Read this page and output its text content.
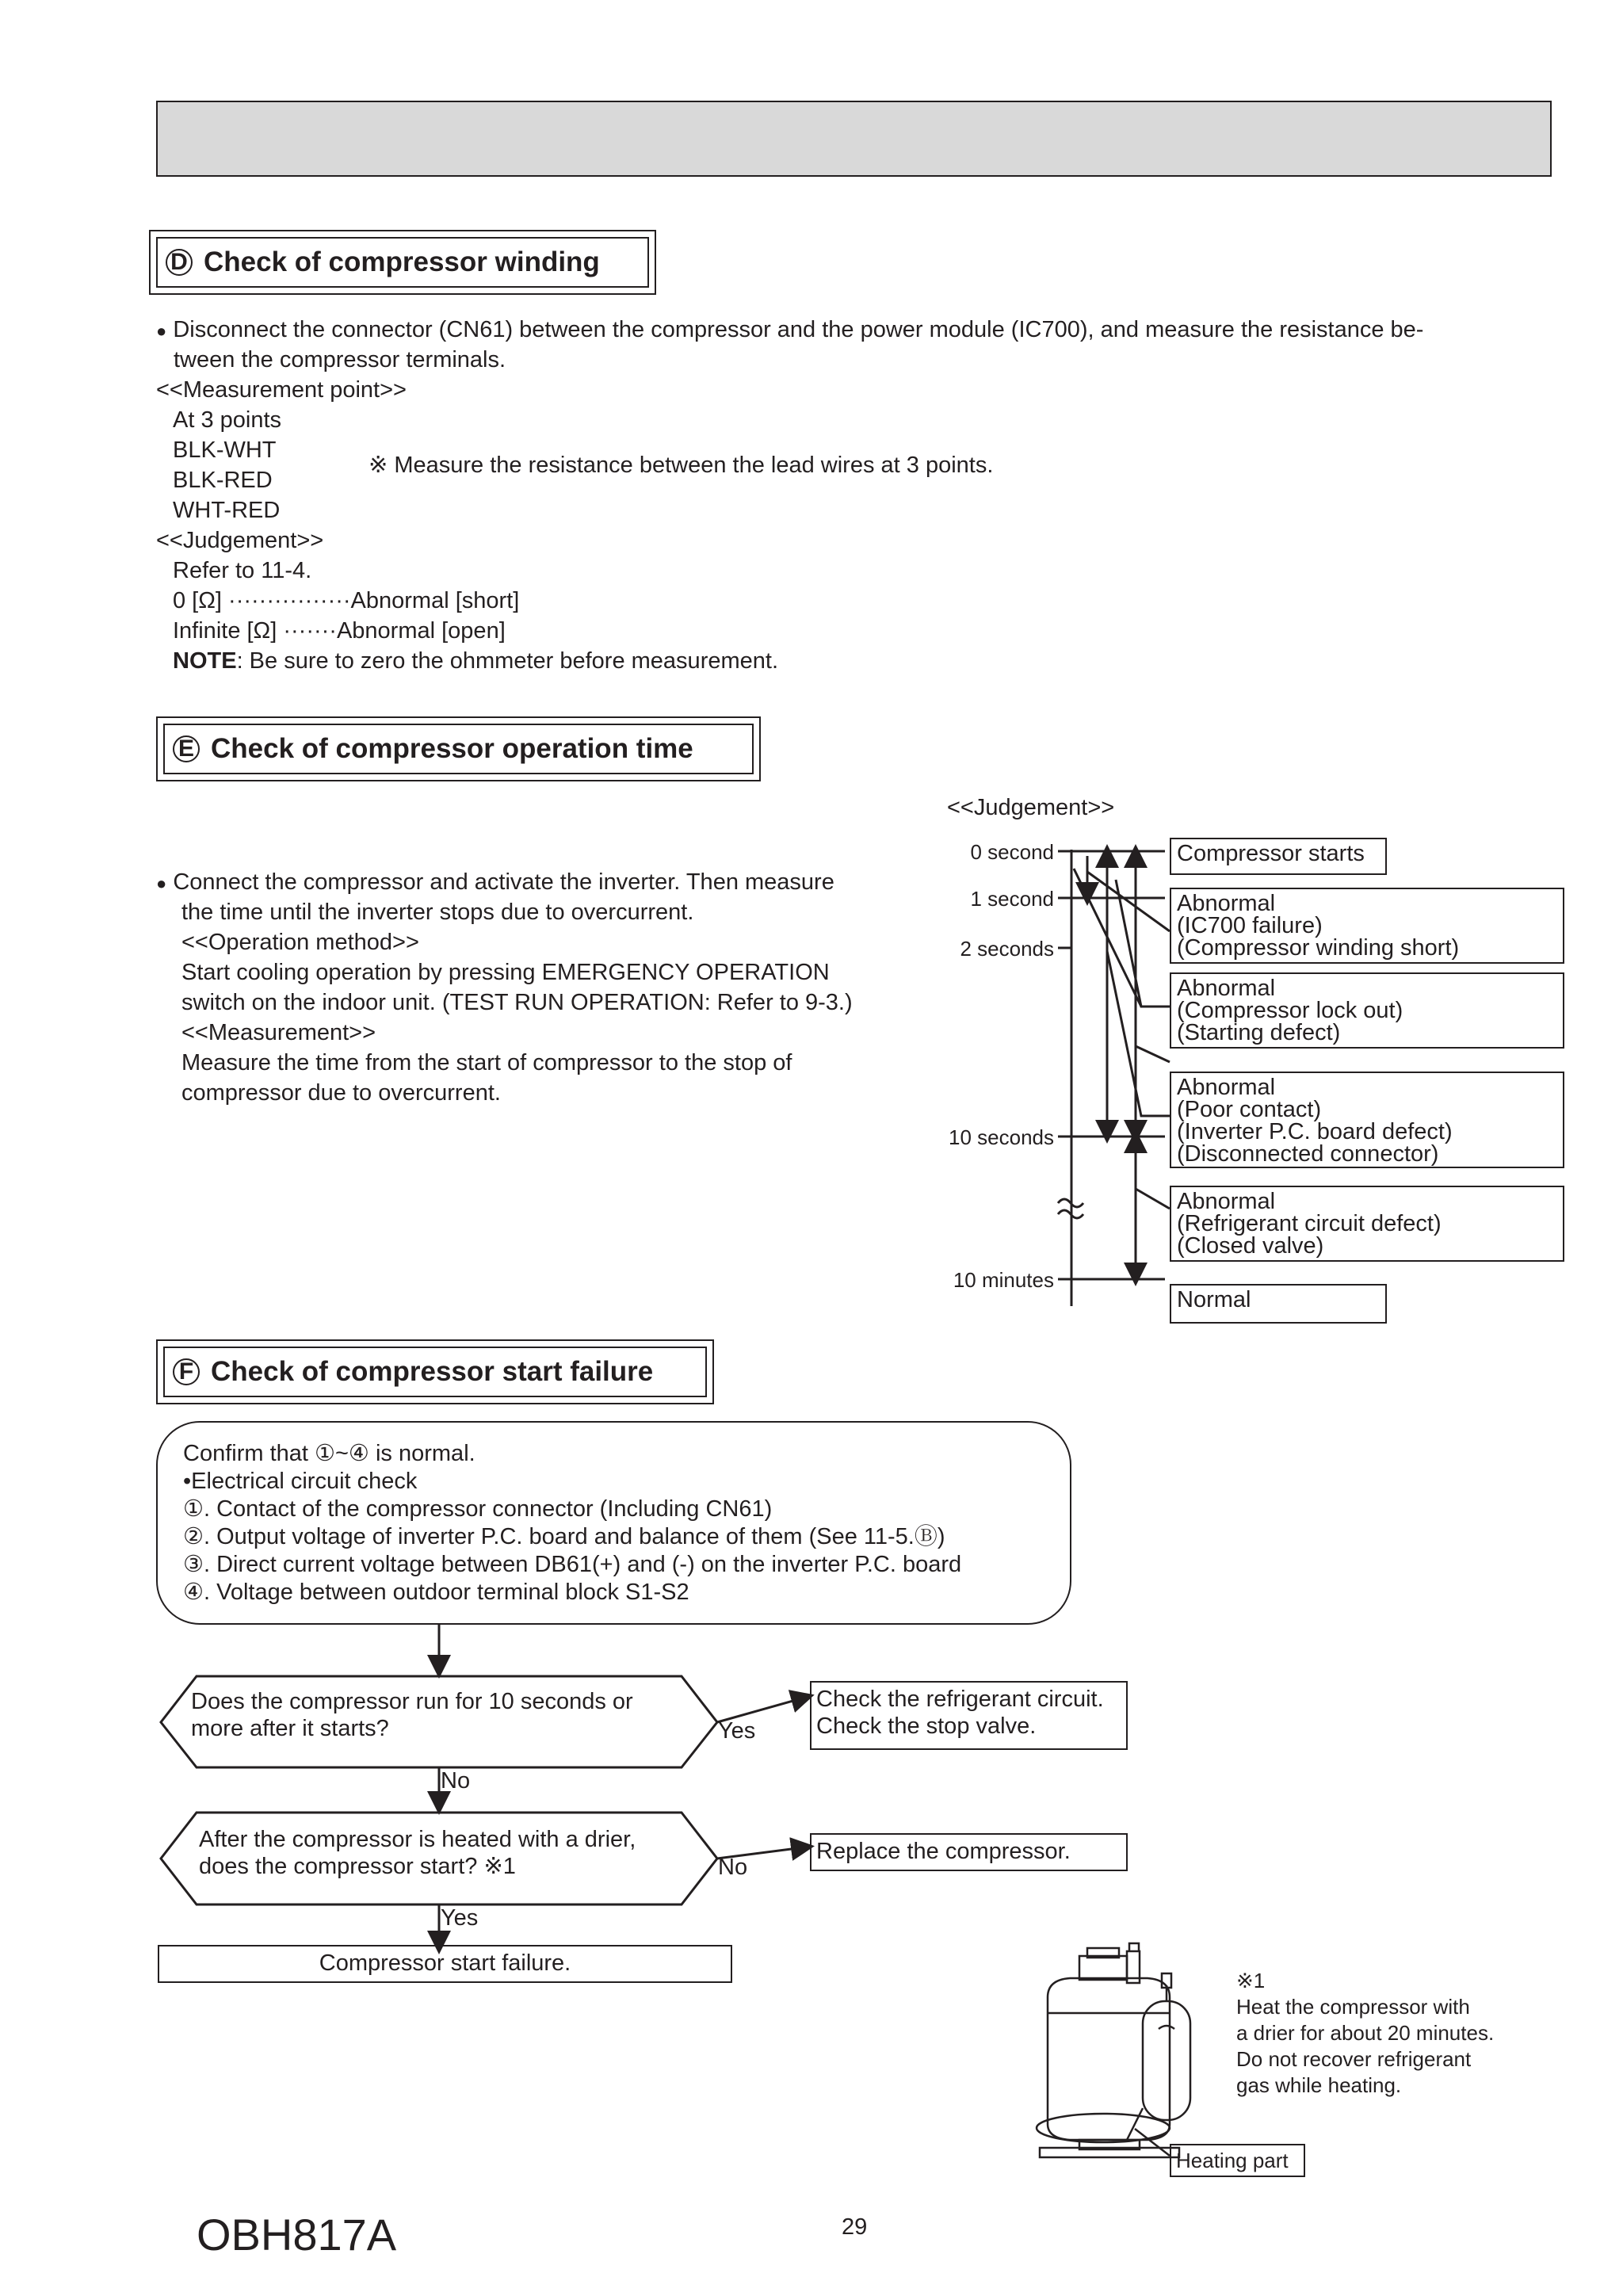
D Check of compressor winding
● Disconnect the connector (CN61) between the compressor and the power module (IC700), and measure the resistance be-
tween the compressor terminals.
<<Measurement point>>
At 3 points
BLK-WHT
BLK-RED
WHT-RED
※ Measure the resistance between the lead wires at 3 points.
<<Judgement>>
Refer to 11-4.
0 [Ω] ················Abnormal [short]
Infinite [Ω] ·······Abnormal [open]
NOTE: Be sure to zero the ohmmeter before measurement.
E Check of compressor operation time
● Connect the compressor and activate the inverter. Then measure
the time until the inverter stops due to overcurrent.
<<Operation method>>
Start cooling operation by pressing EMERGENCY OPERATION
switch on the indoor unit. (TEST RUN OPERATION: Refer to 9-3.)
<<Measurement>>
Measure the time from the start of compressor to the stop of
compressor due to overcurrent.
<<Judgement>>
0 second
1 second
2 seconds
10 seconds
10 minutes
Compressor starts
Abnormal
(IC700 failure)
(Compressor winding short)
Abnormal
(Compressor lock out)
(Starting defect)
Abnormal
(Poor contact)
(Inverter P.C. board defect)
(Disconnected connector)
Abnormal
(Refrigerant circuit defect)
(Closed valve)
Normal
F Check of compressor start failure
Confirm that ①~④ is normal.
•Electrical circuit check
①. Contact of the compressor connector (Including CN61)
②. Output voltage of inverter P.C. board and balance of them (See 11-5.Ⓑ)
③. Direct current voltage between DB61(+) and (-) on the inverter P.C. board
④. Voltage between outdoor terminal block S1-S2
Does the compressor run for 10 seconds or
more after it starts?	Yes
No
Check the refrigerant circuit.
Check the stop valve.
After the compressor is heated with a drier,
does the compressor start? ※1	No
Yes
Replace the compressor.
Compressor start failure.
Heating part
※1
Heat the compressor with
a drier for about 20 minutes.
Do not recover refrigerant
gas while heating.
29
OBH817A
